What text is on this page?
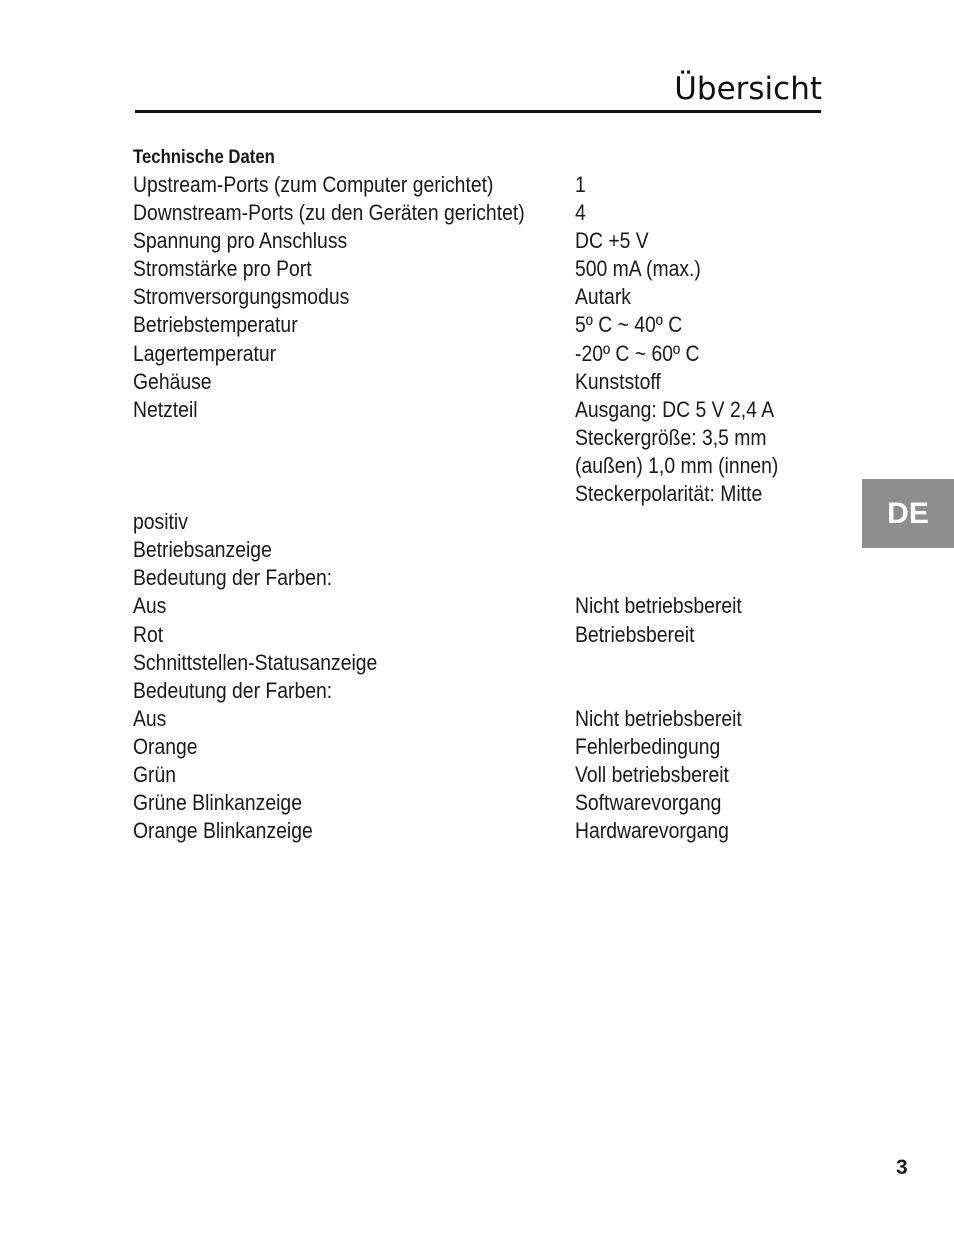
Übersicht
Technische Daten
Upstream-Ports (zum Computer gerichtet)	1
Downstream-Ports (zu den Geräten gerichtet) 4
Spannung pro Anschluss	DC +5 V
Stromstärke pro Port	500 mA (max.)
Stromversorgungsmodus	Autark
Betriebstemperatur	5º C ~ 40º C
Lagertemperatur	-20º C ~ 60º C
Gehäuse	Kunststoff
Netzteil	Ausgang: DC 5 V 2,4 A
Steckergröße: 3,5 mm
(außen) 1,0 mm (innen)
Steckerpolarität: Mitte
positiv
Betriebsanzeige
Bedeutung der Farben:
Aus	Nicht betriebsbereit
Rot	Betriebsbereit
Schnittstellen-Statusanzeige
Bedeutung der Farben:
Aus	Nicht betriebsbereit
Orange	Fehlerbedingung
Grün	Voll betriebsbereit
Grüne Blinkanzeige	Softwarevorgang
Orange Blinkanzeige	Hardwarevorgang
DE
3
